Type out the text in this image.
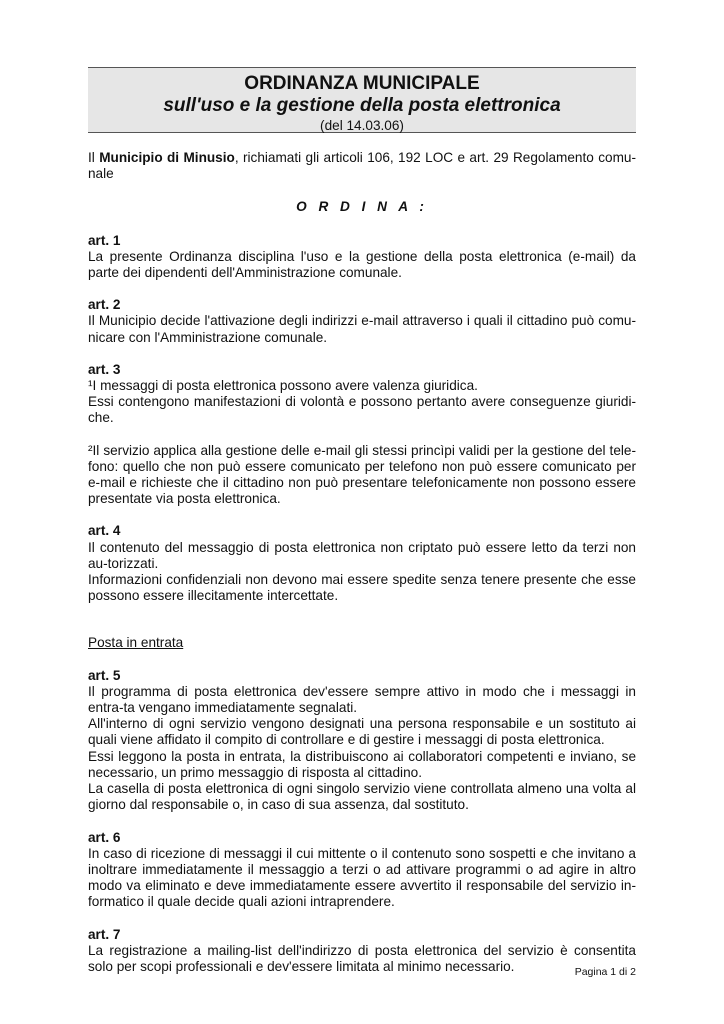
ORDINANZA MUNICIPALE
sull'uso e la gestione della posta elettronica
(del 14.03.06)

Il Municipio di Minusio, richiamati gli articoli 106, 192 LOC e art. 29 Regolamento comu-nale

O R D I N A :

art. 1

La presente Ordinanza disciplina l'uso e la gestione della posta elettronica (e-mail) da parte dei dipendenti dell'Amministrazione comunale.

art. 2

Il Municipio decide l'attivazione degli indirizzi e-mail attraverso i quali il cittadino può comu-nicare con l'Amministrazione comunale.

art. 3

¹I messaggi di posta elettronica possono avere valenza giuridica.

Essi contengono manifestazioni di volontà e possono pertanto avere conseguenze giuridi-che.

²Il servizio applica alla gestione delle e-mail gli stessi princìpi validi per la gestione del tele-fono: quello che non può essere comunicato per telefono non può essere comunicato per e-mail e richieste che il cittadino non può presentare telefonicamente non possono essere presentate via posta elettronica.

art. 4

Il contenuto del messaggio di posta elettronica non criptato può essere letto da terzi non au-torizzati.

Informazioni confidenziali non devono mai essere spedite senza tenere presente che esse possono essere illecitamente intercettate.

Posta in entrata

art. 5

Il programma di posta elettronica dev'essere sempre attivo in modo che i messaggi in entra-ta vengano immediatamente segnalati.

All'interno di ogni servizio vengono designati una persona responsabile e un sostituto ai quali viene affidato il compito di controllare e di gestire i messaggi di posta elettronica.

Essi leggono la posta in entrata, la distribuiscono ai collaboratori competenti e inviano, se necessario, un primo messaggio di risposta al cittadino.

La casella di posta elettronica di ogni singolo servizio viene controllata almeno una volta al giorno dal responsabile o, in caso di sua assenza, dal sostituto.

art. 6

In caso di ricezione di messaggi il cui mittente o il contenuto sono sospetti e che invitano a inoltrare immediatamente il messaggio a terzi o ad attivare programmi o ad agire in altro modo va eliminato e deve immediatamente essere avvertito il responsabile del servizio in-formatico il quale decide quali azioni intraprendere.

art. 7

La registrazione a mailing-list dell'indirizzo di posta elettronica del servizio è consentita solo per scopi professionali e dev'essere limitata al minimo necessario.	Pagina 1 di 2
